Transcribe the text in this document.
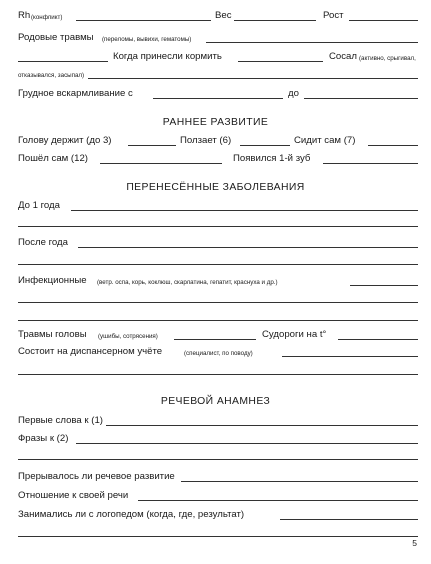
Rh (конфликт)	Вес	Рост
Родовые травмы (переломы, вывихи, гематомы)
Когда принесли кормить	Сосал (активно, срыгивал,
отказывался, засыпал)
Грудное вскармливание с	до
РАННЕЕ РАЗВИТИЕ
Голову держит (до 3)	Ползает (6)	Сидит сам (7)
Пошёл сам (12)	Появился 1-й зуб
ПЕРЕНЕСЁННЫЕ ЗАБОЛЕВАНИЯ
До 1 года
После года
Инфекционные (ветр. оспа, корь, коклюш, скарлатина, гепатит, краснуха и др.)
Травмы головы (ушибы, сотрясения)	Судороги на t°
Состоит на диспансерном учёте	(специалист, по поводу)
РЕЧЕВОЙ АНАМНЕЗ
Первые слова к (1)
Фразы к (2)
Прерывалось ли речевое развитие
Отношение к своей речи
Занимались ли с логопедом (когда, где, результат)
5
